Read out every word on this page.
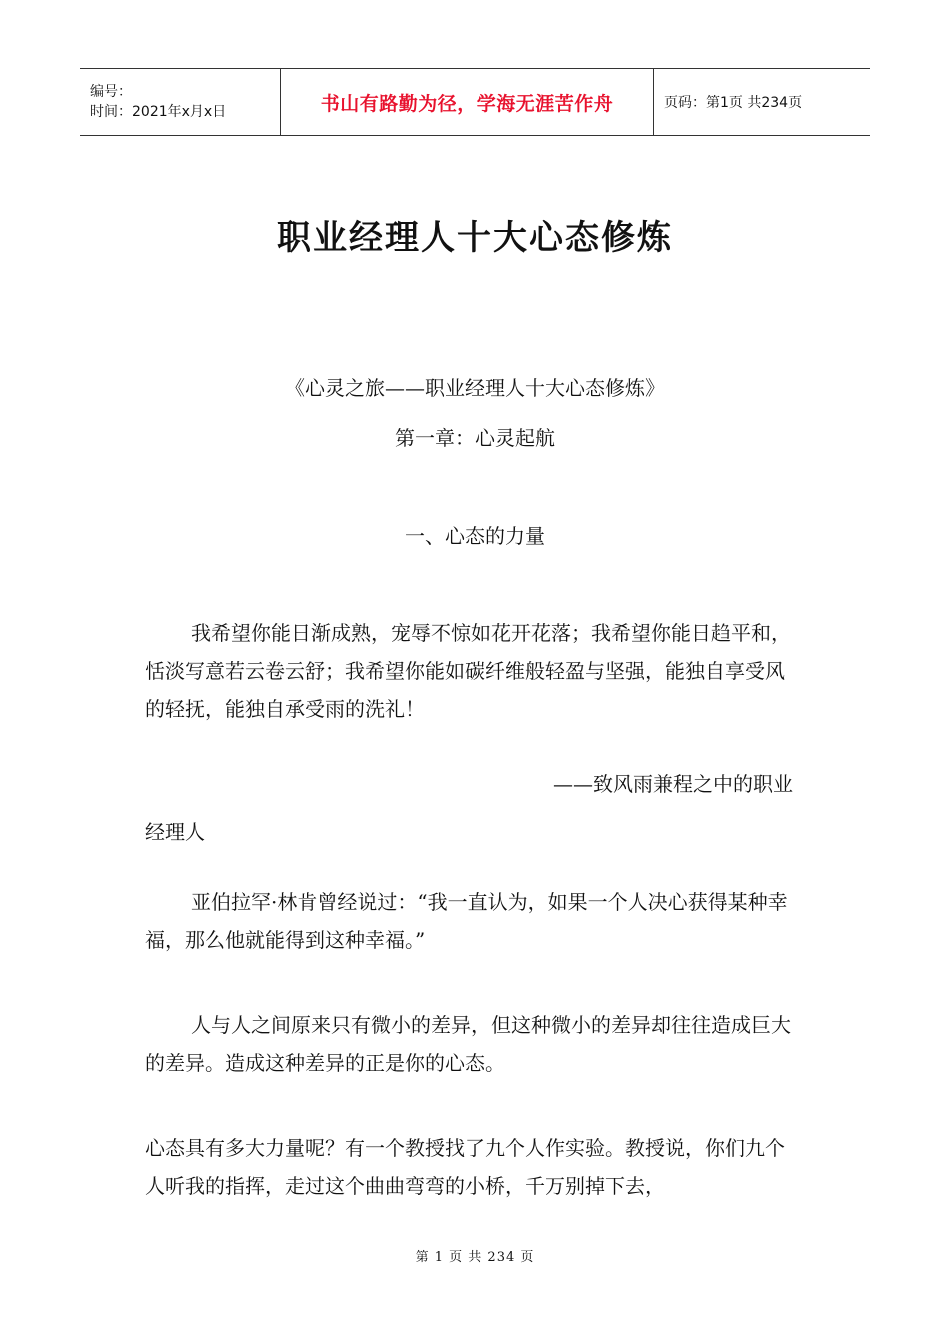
编号：
时间：2021年x月x日	书山有路勤为径，学海无涯苦作舟	页码：第1页 共234页
职业经理人十大心态修炼
《心灵之旅——职业经理人十大心态修炼》
第一章：心灵起航
一、心态的力量
我希望你能日渐成熟，宠辱不惊如花开花落；我希望你能日趋平和，恬淡写意若云卷云舒；我希望你能如碳纤维般轻盈与坚强，能独自享受风的轻抚，能独自承受雨的洗礼！
——致风雨兼程之中的职业
经理人
亚伯拉罕·林肯曾经说过：“我一直认为，如果一个人决心获得某种幸福，那么他就能得到这种幸福。”
人与人之间原来只有微小的差异，但这种微小的差异却往往造成巨大的差异。造成这种差异的正是你的心态。
心态具有多大力量呢？有一个教授找了九个人作实验。教授说，你们九个人听我的指挥，走过这个曲曲弯弯的小桥，千万别掉下去，
第 1 页 共 234 页
